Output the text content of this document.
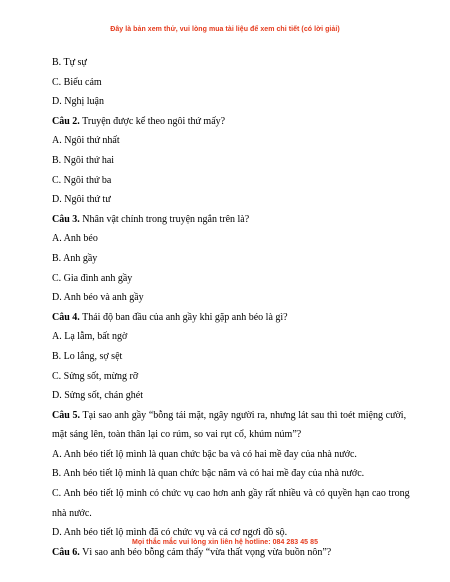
Đây là bản xem thử, vui lòng mua tài liệu để xem chi tiết (có lời giải)
B. Tự sự
C. Biểu cảm
D. Nghị luận
Câu 2. Truyện được kể theo ngôi thứ mấy?
A. Ngôi thứ nhất
B. Ngôi thứ hai
C. Ngôi thứ ba
D. Ngôi thứ tư
Câu 3. Nhân vật chính trong truyện ngắn trên là?
A. Anh béo
B. Anh gầy
C. Gia đình anh gầy
D. Anh béo và anh gầy
Câu 4. Thái độ ban đầu của anh gầy khi gặp anh béo là gì?
A. Lạ lẫm, bất ngờ
B. Lo lắng, sợ sệt
C. Sửng sốt, mừng rỡ
D. Sửng sốt, chán ghét
Câu 5. Tại sao anh gầy “bỗng tái mặt, ngây người ra, nhưng lát sau thì toét miệng cười, mặt sáng lên, toàn thân lại co rúm, so vai rụt cổ, khúm núm”?
A. Anh béo tiết lộ mình là quan chức bậc ba và có hai mề đay của nhà nước.
B. Anh béo tiết lộ mình là quan chức bậc năm và có hai mề đay của nhà nước.
C. Anh béo tiết lộ mình có chức vụ cao hơn anh gầy rất nhiều và có quyền hạn cao trong nhà nước.
D. Anh béo tiết lộ mình đã có chức vụ và cả cơ ngơi đồ sộ.
Câu 6. Vì sao anh béo bỗng cảm thấy “vừa thất vọng vừa buồn nôn”?
Mọi thắc mắc vui lòng xin liên hệ hotline: 084 283 45 85
